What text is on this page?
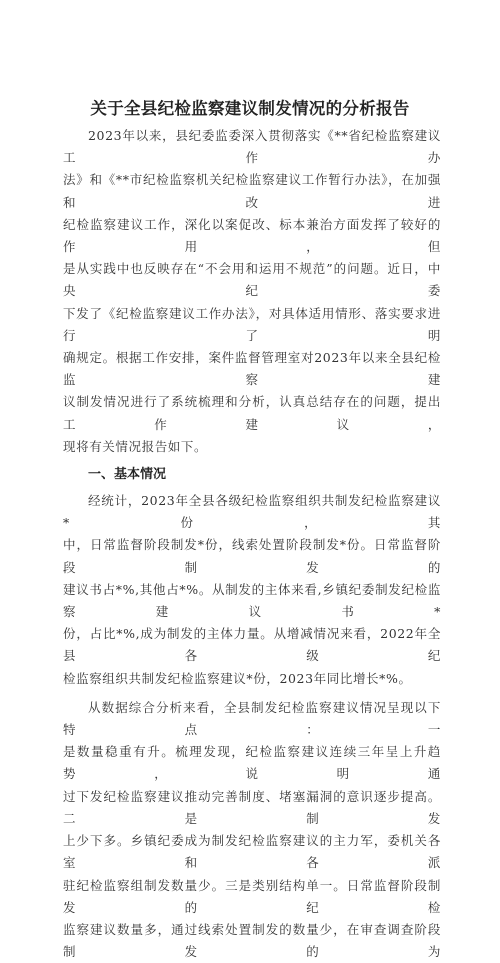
关于全县纪检监察建议制发情况的分析报告

2023年以来，县纪委监委深入贯彻落实《**省纪检监察建议工作办

法》和《**市纪检监察机关纪检监察建议工作暂行办法》，在加强和改进

纪检监察建议工作，深化以案促改、标本兼治方面发挥了较好的作用，但

是从实践中也反映存在“不会用和运用不规范”的问题。近日，中央纪委

下发了《纪检监察建议工作办法》，对具体适用情形、落实要求进行了明

确规定。根据工作安排，案件监督管理室对2023年以来全县纪检监察建

议制发情况进行了系统梳理和分析，认真总结存在的问题，提出工作建议，

现将有关情况报告如下。

一、基本情况

经统计，2023年全县各级纪检监察组织共制发纪检监察建议*份，其

中，日常监督阶段制发*份，线索处置阶段制发*份。日常监督阶段制发的

建议书占*%,其他占*%。从制发的主体来看,乡镇纪委制发纪检监察建议书*

份，占比*%,成为制发的主体力量。从增减情况来看，2022年全县各级纪

检监察组织共制发纪检监察建议*份，2023年同比增长*%。

从数据综合分析来看，全县制发纪检监察建议情况呈现以下特点：一

是数量稳重有升。梳理发现，纪检监察建议连续三年呈上升趋势，说明通

过下发纪检监察建议推动完善制度、堵塞漏洞的意识逐步提高。二是制发

上少下多。乡镇纪委成为制发纪检监察建议的主力军，委机关各室和各派

驻纪检监察组制发数量少。三是类别结构单一。日常监督阶段制发的纪检

监察建议数量多，通过线索处置制发的数量少，在审查调查阶段制发的为
